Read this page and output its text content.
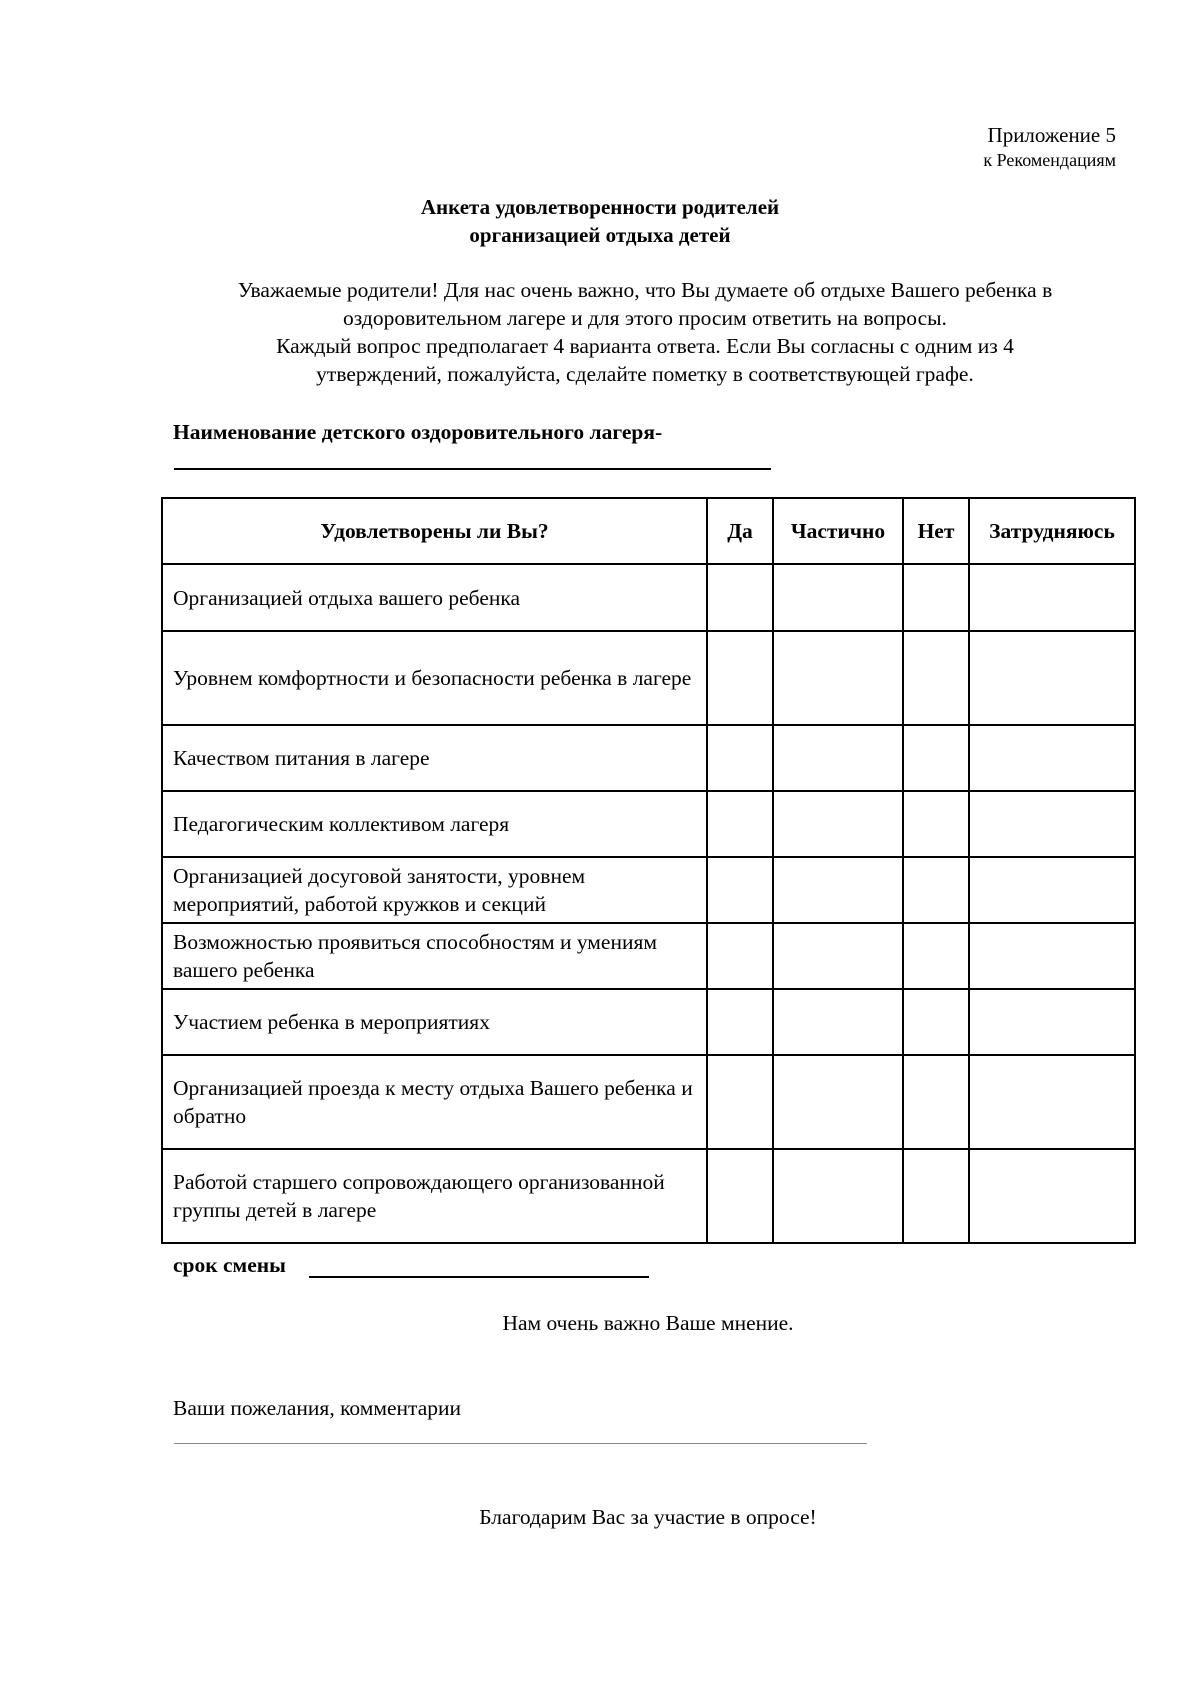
Приложение 5
к Рекомендациям
Анкета удовлетворенности родителей
организацией отдыха детей
Уважаемые родители! Для нас очень важно, что Вы думаете об отдыхе Вашего ребенка в
оздоровительном лагере и для этого просим ответить на вопросы.
Каждый вопрос предполагает 4 варианта ответа. Если Вы согласны с одним из 4
утверждений, пожалуйста, сделайте пометку в соответствующей графе.
Наименование детского оздоровительного лагеря-
Удовлетворены ли Вы?	Да	Частично	Нет	Затрудняюсь
Организацией отдыха вашего ребенка				
Уровнем комфортности и безопасности ребенка в лагере				
Качеством питания в лагере				
Педагогическим коллективом лагеря				
Организацией досуговой занятости, уровнем мероприятий, работой кружков и секций				
Возможностью проявиться способностям и умениям вашего ребенка				
Участием ребенка в мероприятиях				
Организацией проезда к месту отдыха Вашего ребенка и обратно				
Работой старшего сопровождающего организованной группы детей в лагере				
срок смены
Нам очень важно Ваше мнение.
Ваши пожелания, комментарии
Благодарим Вас за участие в опросе!
